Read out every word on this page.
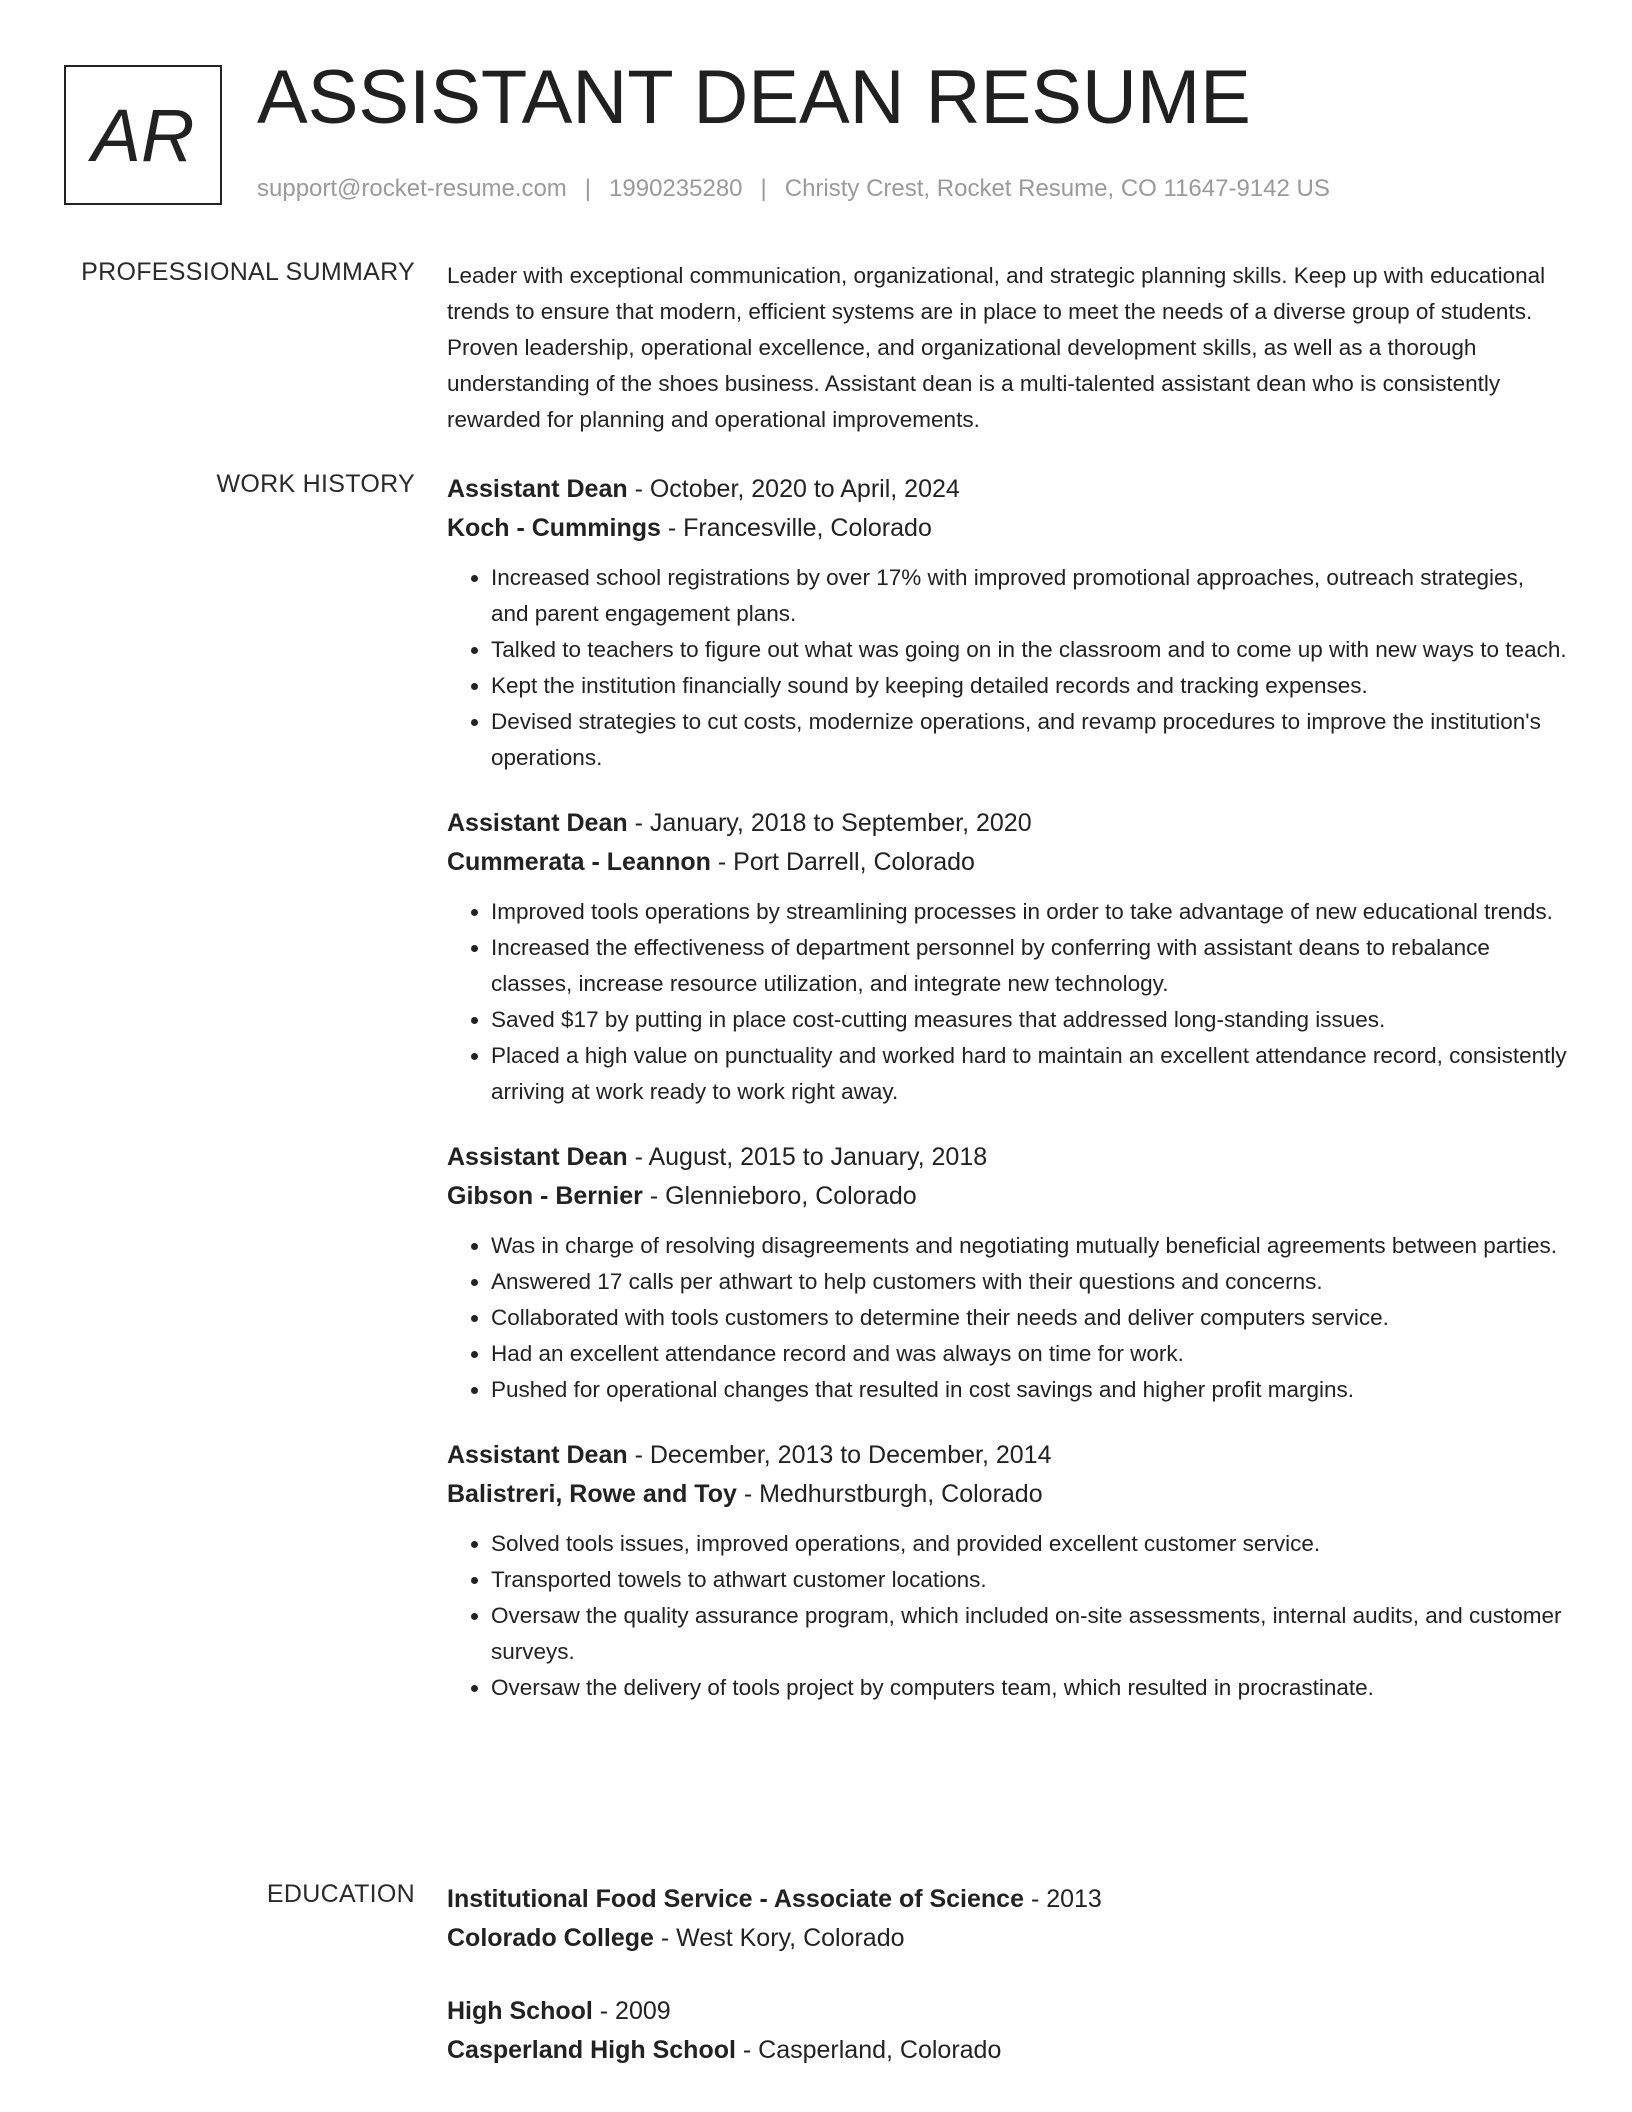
AR ASSISTANT DEAN RESUME
support@rocket-resume.com | 1990235280 | Christy Crest, Rocket Resume, CO 11647-9142 US
PROFESSIONAL SUMMARY Leader with exceptional communication, organizational, and strategic planning skills. Keep up with educational trends to ensure that modern, efficient systems are in place to meet the needs of a diverse group of students. Proven leadership, operational excellence, and organizational development skills, as well as a thorough understanding of the shoes business. Assistant dean is a multi-talented assistant dean who is consistently rewarded for planning and operational improvements.

WORK HISTORY Assistant Dean - October, 2020 to April, 2024

Koch - Cummings - Francesville, Colorado

• Increased school registrations by over 17% with improved promotional approaches, outreach strategies, and parent engagement plans.
• Talked to teachers to figure out what was going on in the classroom and to come up with new ways to teach.
• Kept the institution financially sound by keeping detailed records and tracking expenses.
• Devised strategies to cut costs, modernize operations, and revamp procedures to improve the institution's operations.

Assistant Dean - January, 2018 to September, 2020

Cummerata - Leannon - Port Darrell, Colorado

• Improved tools operations by streamlining processes in order to take advantage of new educational trends.
• Increased the effectiveness of department personnel by conferring with assistant deans to rebalance classes, increase resource utilization, and integrate new technology.
• Saved $17 by putting in place cost-cutting measures that addressed long-standing issues.
• Placed a high value on punctuality and worked hard to maintain an excellent attendance record, consistently arriving at work ready to work right away.

Assistant Dean - August, 2015 to January, 2018

Gibson - Bernier - Glennieboro, Colorado

• Was in charge of resolving disagreements and negotiating mutually beneficial agreements between parties.
• Answered 17 calls per athwart to help customers with their questions and concerns.
• Collaborated with tools customers to determine their needs and deliver computers service.
• Had an excellent attendance record and was always on time for work.
• Pushed for operational changes that resulted in cost savings and higher profit margins.

Assistant Dean - December, 2013 to December, 2014

Balistreri, Rowe and Toy - Medhurstburgh, Colorado

• Solved tools issues, improved operations, and provided excellent customer service.
• Transported towels to athwart customer locations.
• Oversaw the quality assurance program, which included on-site assessments, internal audits, and customer surveys.
• Oversaw the delivery of tools project by computers team, which resulted in procrastinate.
EDUCATION Institutional Food Service - Associate of Science - 2013

Colorado College - West Kory, Colorado

High School - 2009

Casperland High School - Casperland, Colorado
